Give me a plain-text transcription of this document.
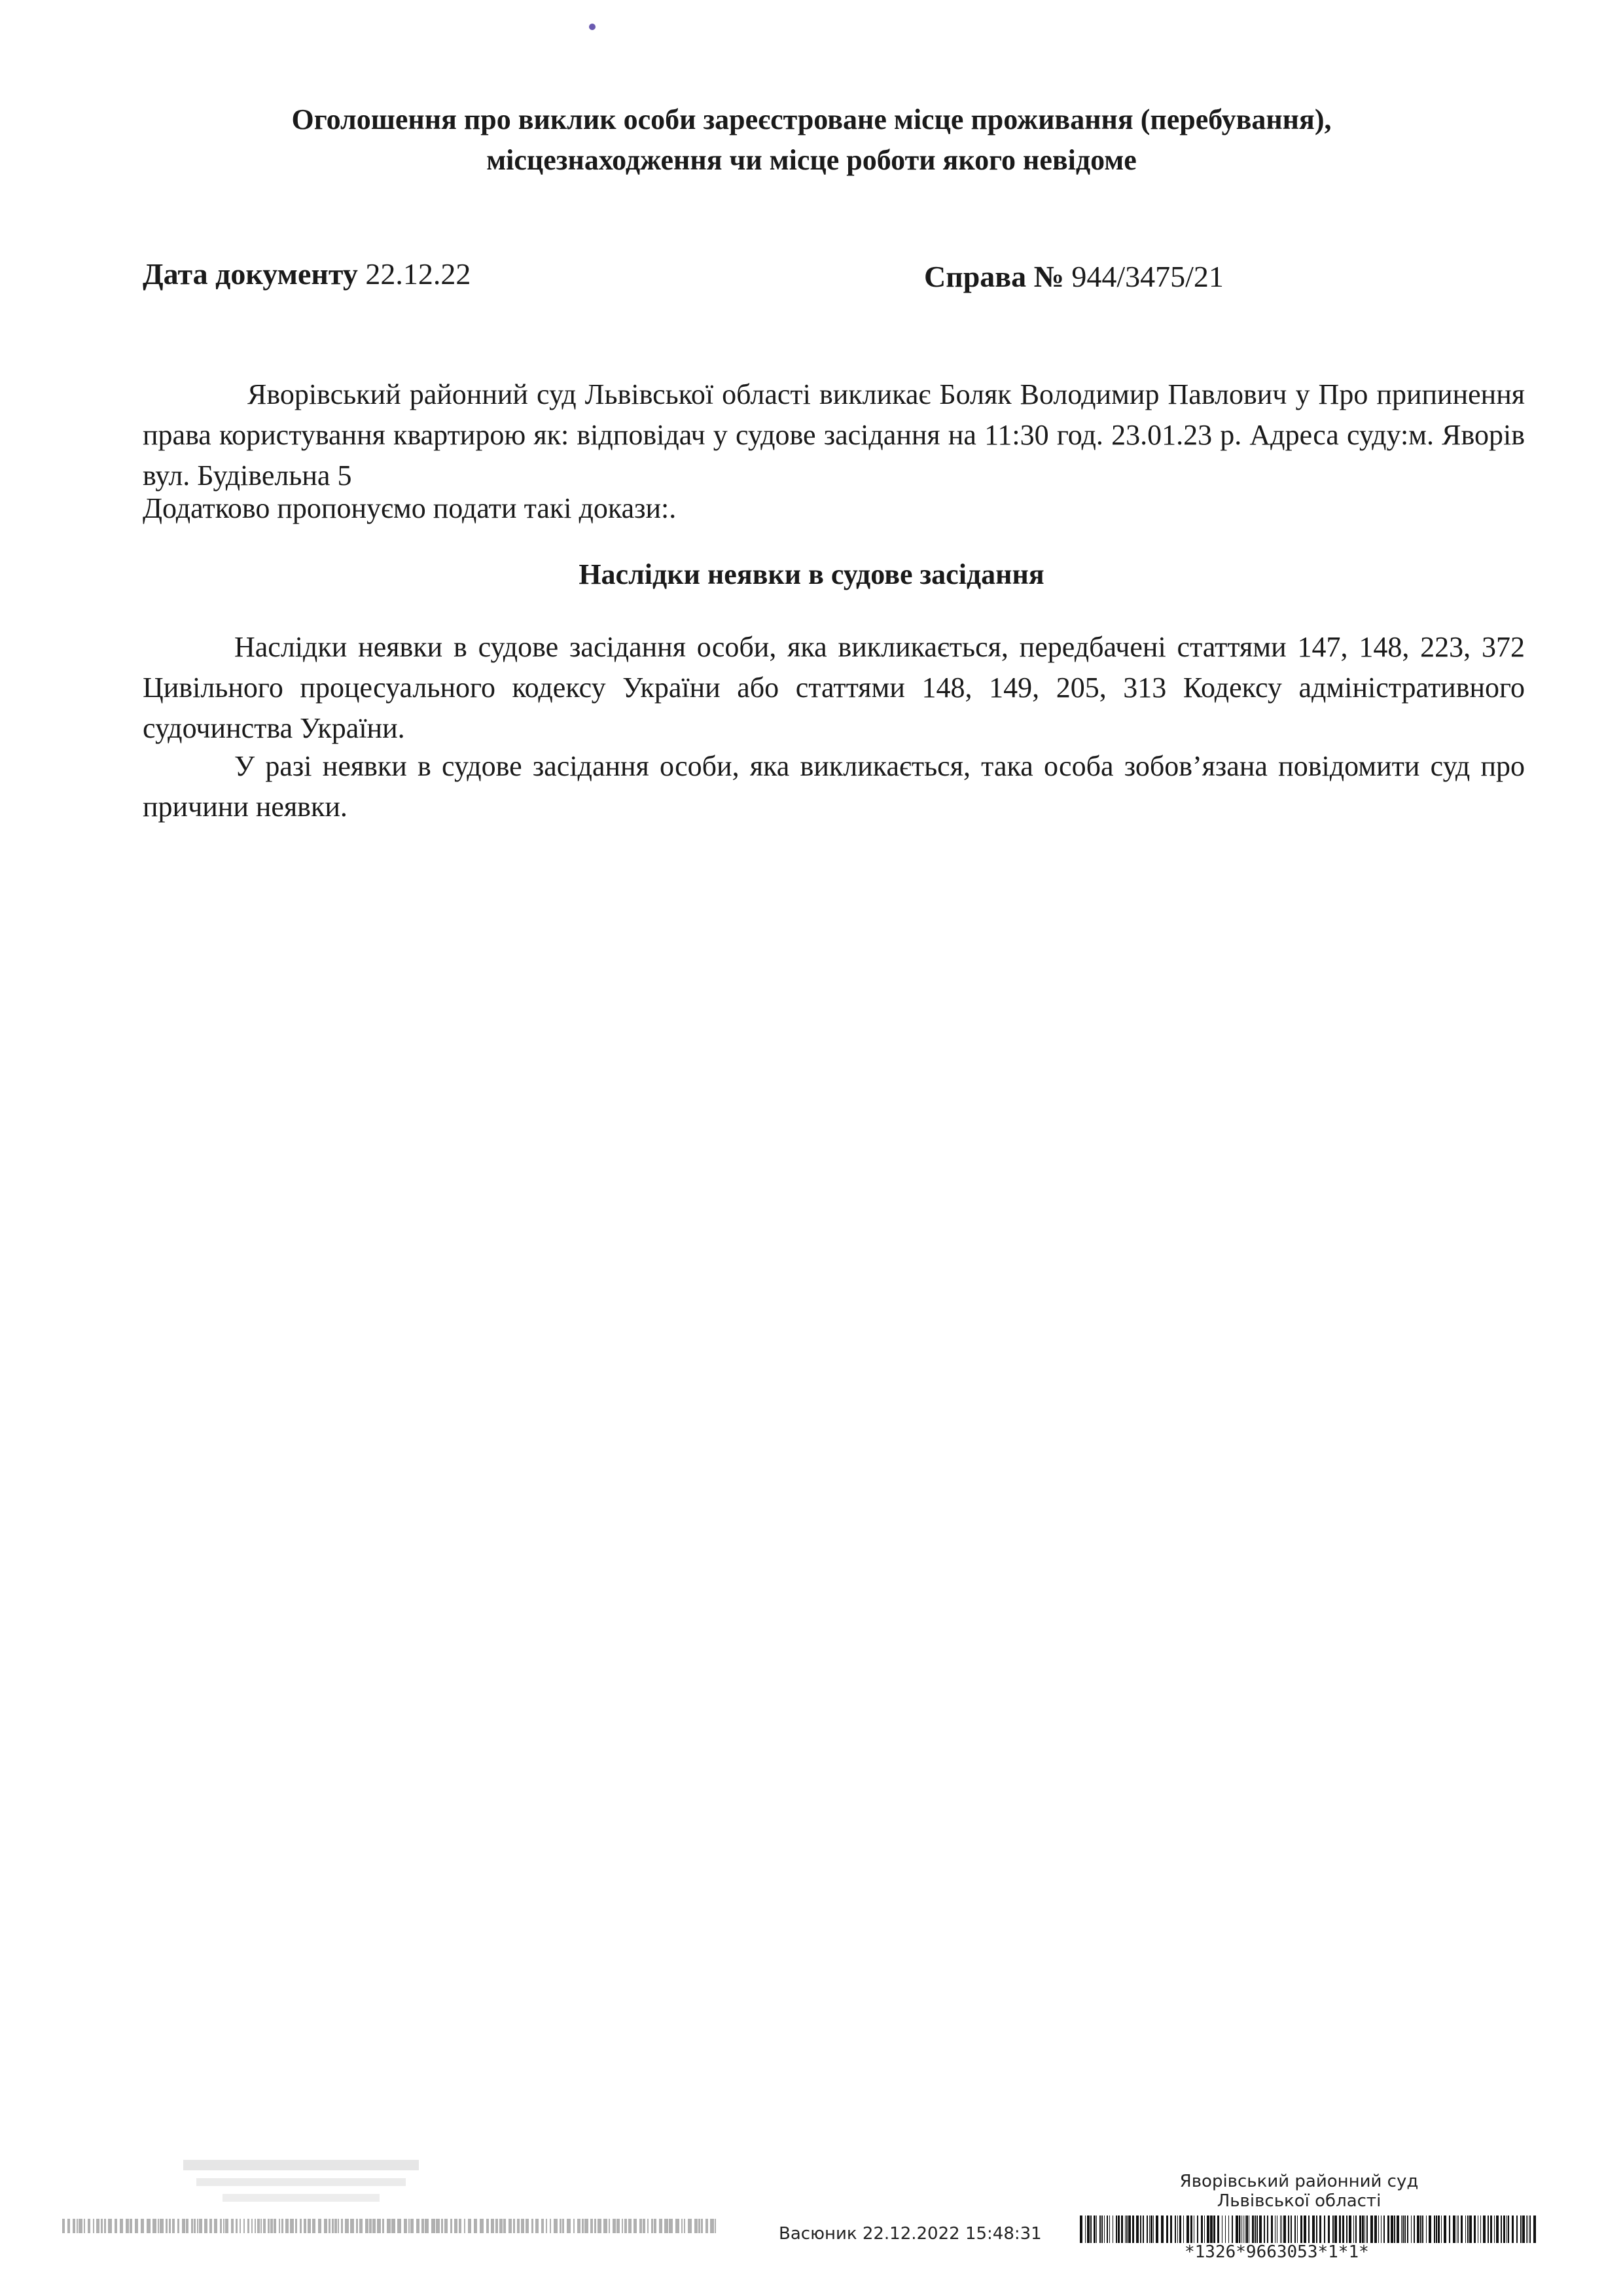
Оголошення про виклик особи зареєстроване місце проживання (перебування),
місцезнаходження чи місце роботи якого невідоме
Дата документу 22.12.22	Справа № 944/3475/21
Яворівський районний суд Львівської області викликає Боляк Володимир Павлович у Про припинення права користування квартирою як: відповідач у судове засідання на 11:30 год. 23.01.23 р. Адреса суду:м. Яворів вул. Будівельна 5
Додатково пропонуємо подати такі докази:.
Наслідки неявки в судове засідання
Наслідки неявки в судове засідання особи, яка викликається, передбачені статтями 147, 148, 223, 372 Цивільного процесуального кодексу України або статтями 148, 149, 205, 313 Кодексу адміністративного судочинства України.
У разі неявки в судове засідання особи, яка викликається, така особа зобов’язана повідомити суд про причини неявки.
Яворівський районний суд
Львівської області
Васюник 22.12.2022 15:48:31
*1326*9663053*1*1*
